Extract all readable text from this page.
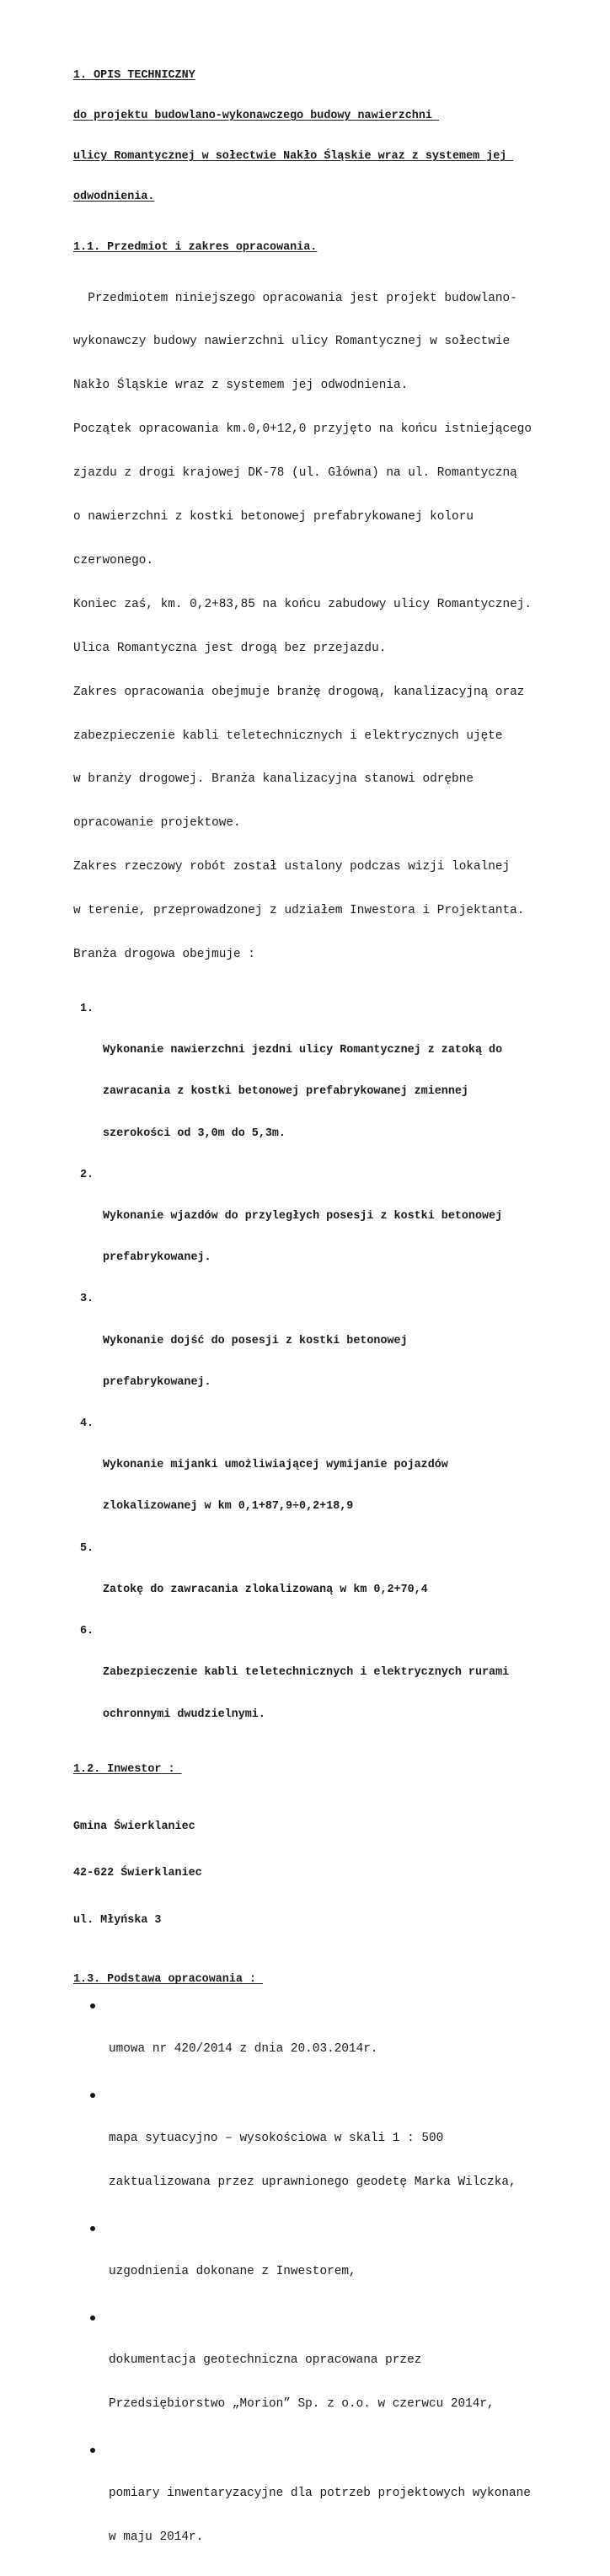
1. OPIS TECHNICZNY

do projektu budowlano-wykonawczego budowy nawierzchni

ulicy Romantycznej w sołectwie Nakło Śląskie wraz z systemem jej

odwodnienia.

1.1. Przedmiot i zakres opracowania.

Przedmiotem niniejszego opracowania jest projekt budowlano-

wykonawczy budowy nawierzchni ulicy Romantycznej w sołectwie

Nakło Śląskie wraz z systemem jej odwodnienia.

Początek opracowania km.0,0+12,0 przyjęto na końcu istniejącego

zjazdu z drogi krajowej DK-78 (ul. Główna) na ul. Romantyczną

o nawierzchni z kostki betonowej prefabrykowanej koloru

czerwonego.

Koniec zaś, km. 0,2+83,85 na końcu zabudowy ulicy Romantycznej.

Ulica Romantyczna jest drogą bez przejazdu.

Zakres opracowania obejmuje branżę drogową, kanalizacyjną oraz

zabezpieczenie kabli teletechnicznych i elektrycznych ujęte

w branży drogowej. Branża kanalizacyjna stanowi odrębne

opracowanie projektowe.

Zakres rzeczowy robót został ustalony podczas wizji lokalnej

w terenie, przeprowadzonej z udziałem Inwestora i Projektanta.

Branża drogowa obejmuje :

1.

Wykonanie nawierzchni jezdni ulicy Romantycznej z zatoką do

zawracania z kostki betonowej prefabrykowanej zmiennej

szerokości od 3,0m do 5,3m.

2.

Wykonanie wjazdów do przyległych posesji z kostki betonowej

prefabrykowanej.

3.

Wykonanie dojść do posesji z kostki betonowej

prefabrykowanej.

4.

Wykonanie mijanki umożliwiającej wymijanie pojazdów

zlokalizowanej w km 0,1+87,9÷0,2+18,9

5.

Zatokę do zawracania zlokalizowaną w km 0,2+70,4

6.

Zabezpieczenie kabli teletechnicznych i elektrycznych rurami

ochronnymi dwudzielnymi.

1.2. Inwestor :

Gmina Świerklaniec

42-622 Świerklaniec

ul. Młyńska 3

1.3. Podstawa opracowania :

umowa nr 420/2014 z dnia 20.03.2014r.

mapa sytuacyjno – wysokościowa w skali 1 : 500

zaktualizowana przez uprawnionego geodetę Marka Wilczka,

uzgodnienia dokonane z Inwestorem,

dokumentacja geotechniczna opracowana przez

Przedsiębiorstwo „Morion” Sp. z o.o. w czerwcu 2014r,

pomiary inwentaryzacyjne dla potrzeb projektowych wykonane

w maju 2014r.
